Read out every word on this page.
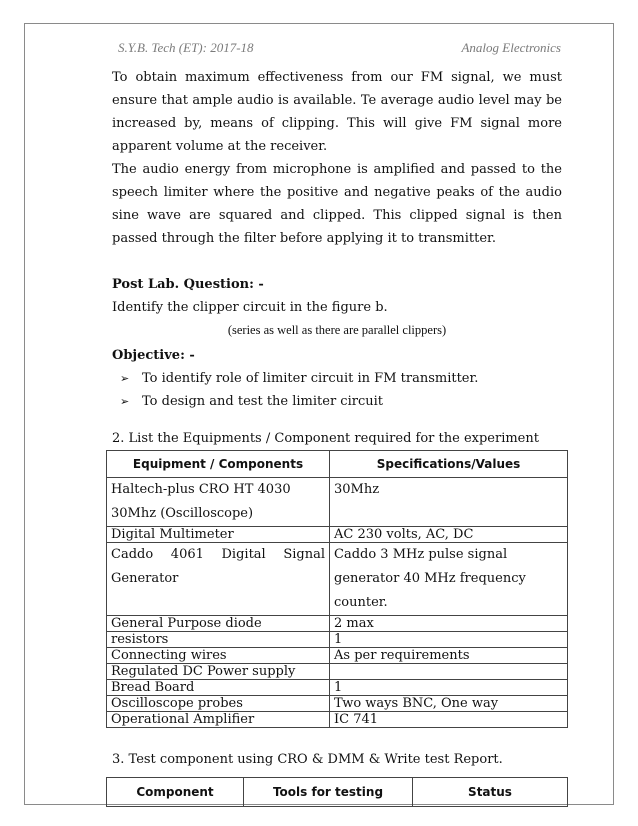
S.Y.B. Tech (ET): 2017-18	Analog Electronics

To obtain maximum effectiveness from our FM signal, we must ensure that ample audio is available. Te average audio level may be increased by, means of clipping. This will give FM signal more apparent volume at the receiver.

The audio energy from microphone is amplified and passed to the speech limiter where the positive and negative peaks of the audio sine wave are squared and clipped. This clipped signal is then passed through the filter before applying it to transmitter.

Post Lab. Question: -
Identify the clipper circuit in the figure b.
(series as well as there are parallel clippers)
Objective: -
➢ To identify role of limiter circuit in FM transmitter.
➢ To design and test the limiter circuit
2. List the Equipments / Component required for the experiment
Equipment / Components	Specifications/Values
Haltech-plus CRO HT 4030 30Mhz (Oscilloscope)	30Mhz
Digital Multimeter	AC 230 volts, AC, DC
Caddo 4061 Digital Signal Generator	Caddo 3 MHz pulse signal generator 40 MHz frequency counter.
General Purpose diode	2 max
resistors	1
Connecting wires	As per requirements
Regulated DC Power supply	
Bread Board	1
Oscilloscope probes	Two ways BNC, One way
Operational Amplifier	IC 741
3. Test component using CRO & DMM & Write test Report.
Component	Tools for testing	Status
